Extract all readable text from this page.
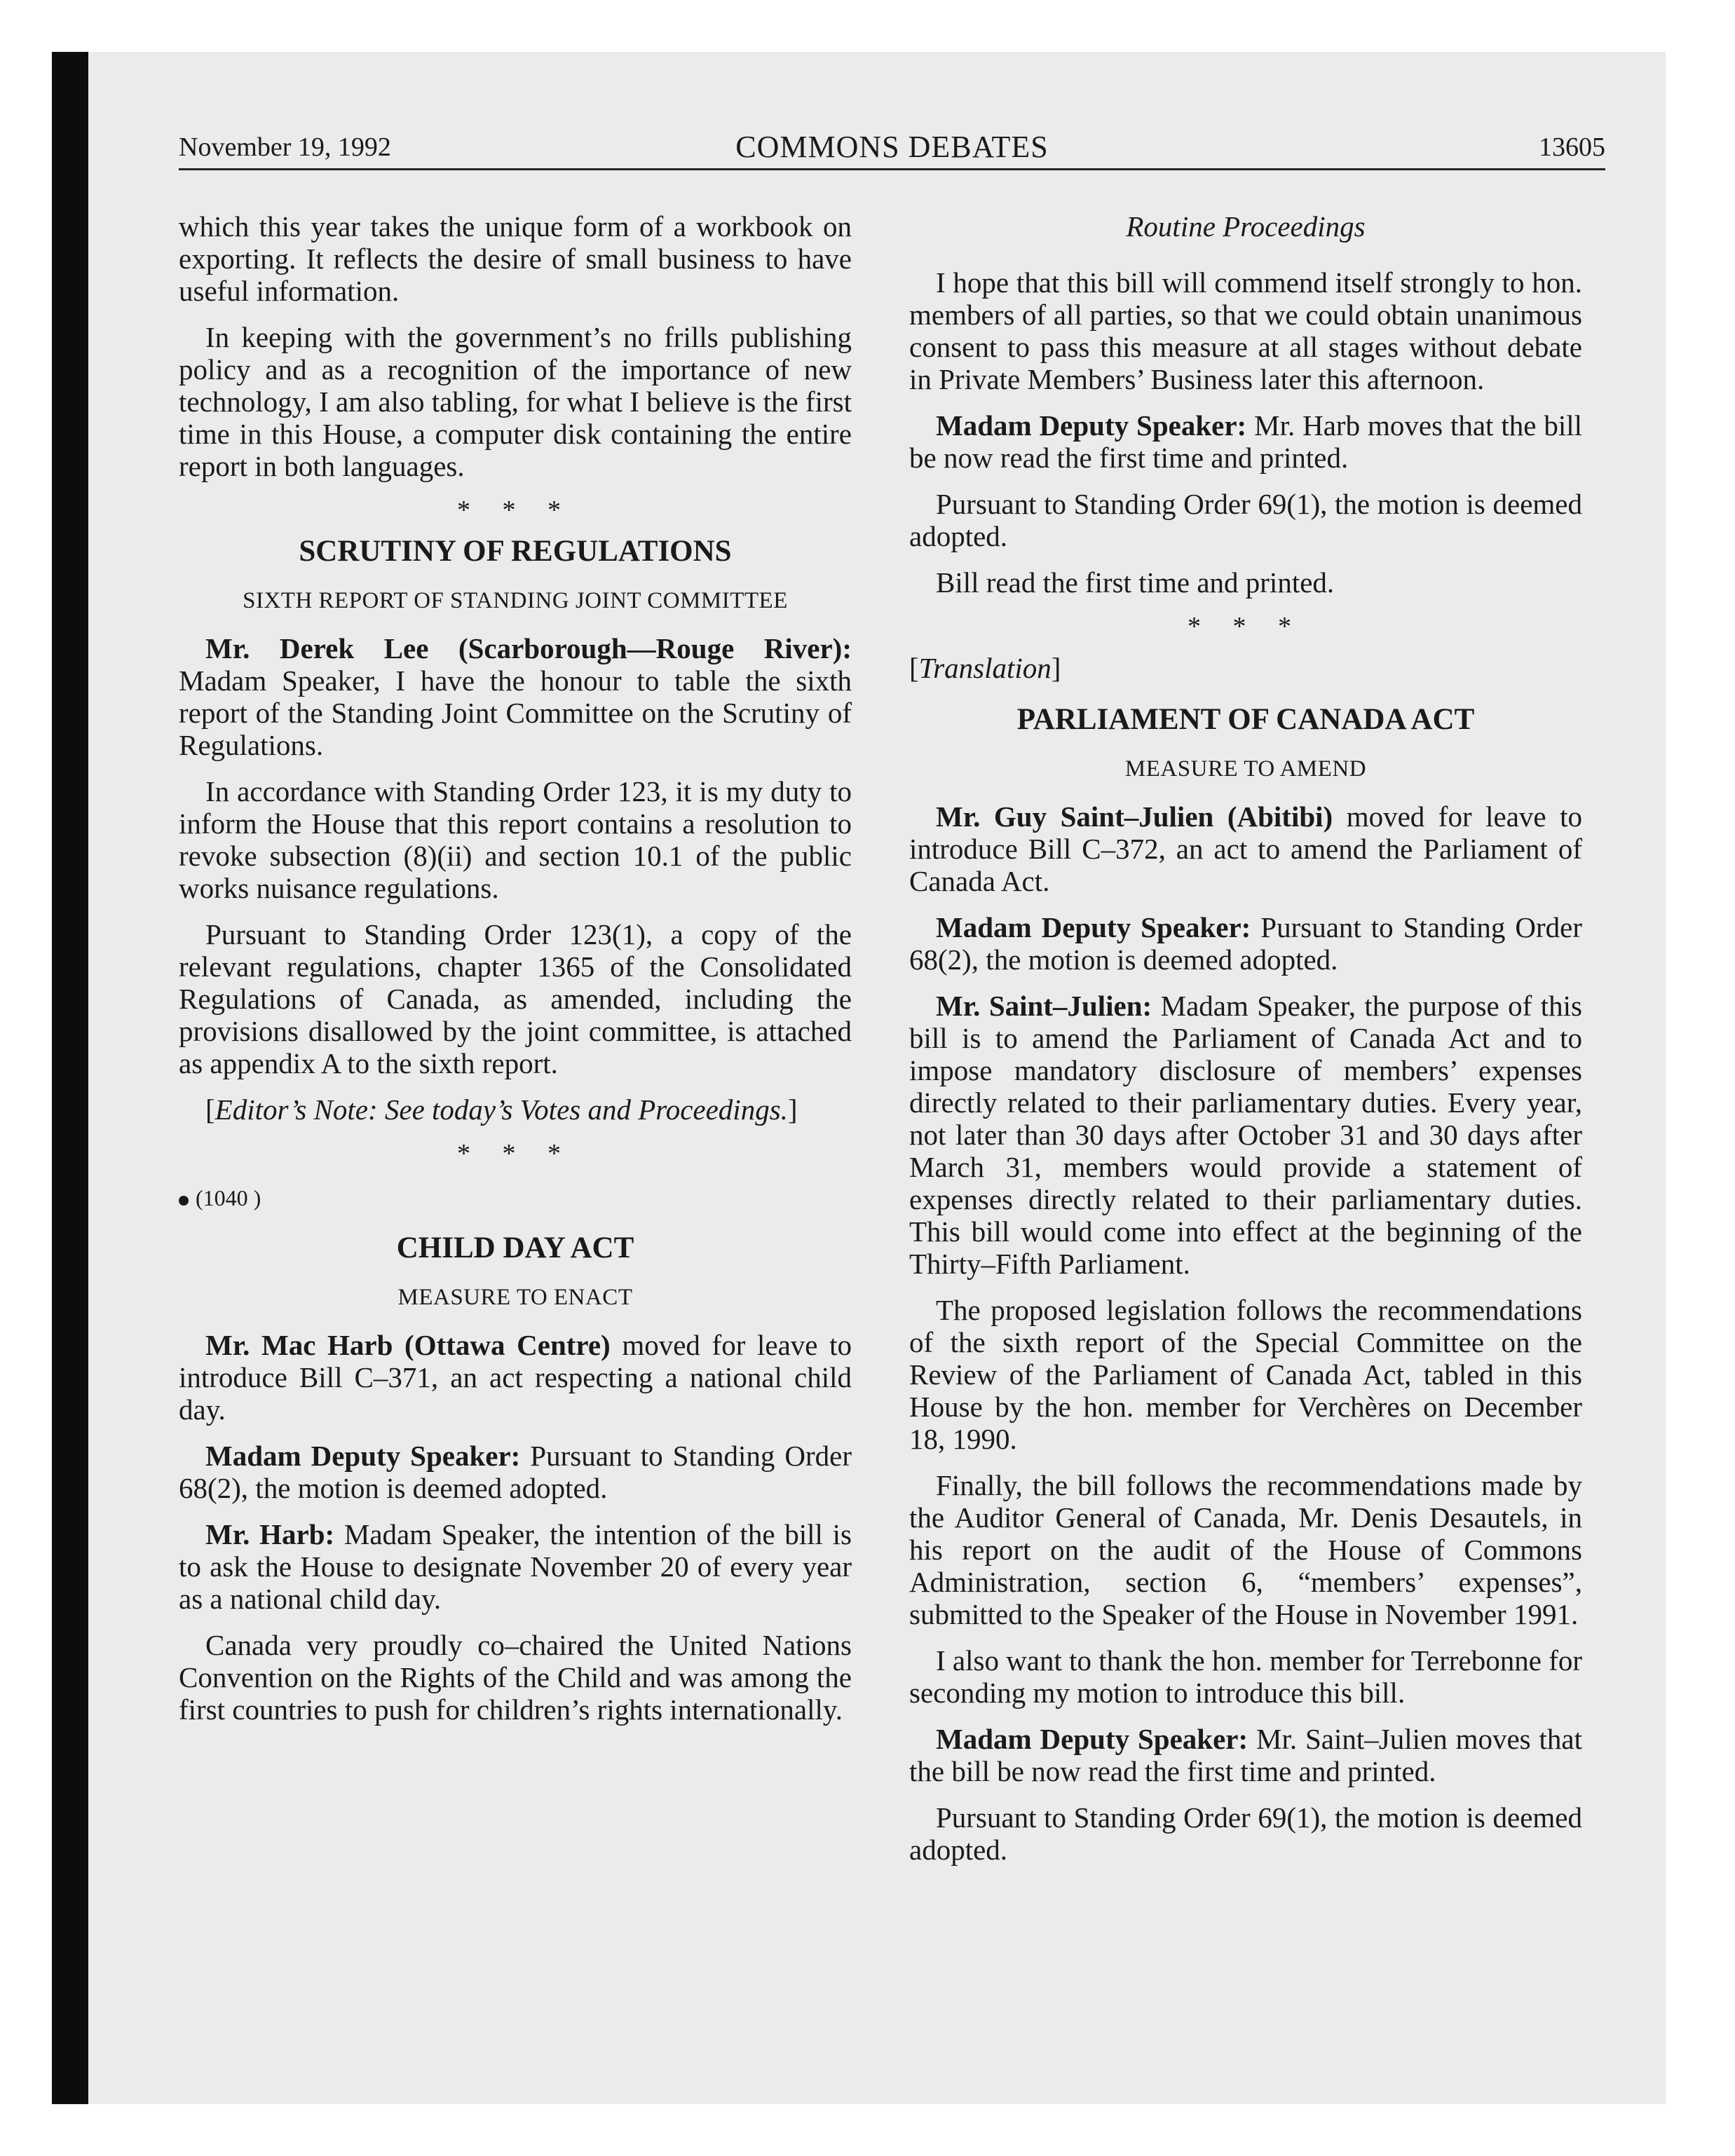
November 19, 1992	COMMONS DEBATES	13605

which this year takes the unique form of a workbook on exporting. It reflects the desire of small business to have useful information.

In keeping with the government’s no frills publishing policy and as a recognition of the importance of new technology, I am also tabling, for what I believe is the first time in this House, a computer disk containing the entire report in both languages.

* * *
SCRUTINY OF REGULATIONS
SIXTH REPORT OF STANDING JOINT COMMITTEE

Mr. Derek Lee (Scarborough—Rouge River): Madam Speaker, I have the honour to table the sixth report of the Standing Joint Committee on the Scrutiny of Regulations.

In accordance with Standing Order 123, it is my duty to inform the House that this report contains a resolution to revoke subsection (8)(ii) and section 10.1 of the public works nuisance regulations.

Pursuant to Standing Order 123(1), a copy of the relevant regulations, chapter 1365 of the Consolidated Regulations of Canada, as amended, including the provisions disallowed by the joint committee, is attached as appendix A to the sixth report.

[Editor’s Note: See today’s Votes and Proceedings.]

* * *
(1040 )
CHILD DAY ACT
MEASURE TO ENACT

Mr. Mac Harb (Ottawa Centre) moved for leave to introduce Bill C–371, an act respecting a national child day.

Madam Deputy Speaker: Pursuant to Standing Order 68(2), the motion is deemed adopted.

Mr. Harb: Madam Speaker, the intention of the bill is to ask the House to designate November 20 of every year as a national child day.

Canada very proudly co–chaired the United Nations Convention on the Rights of the Child and was among the first countries to push for children’s rights internationally.

Routine Proceedings

I hope that this bill will commend itself strongly to hon. members of all parties, so that we could obtain unanimous consent to pass this measure at all stages without debate in Private Members’ Business later this afternoon.

Madam Deputy Speaker: Mr. Harb moves that the bill be now read the first time and printed.

Pursuant to Standing Order 69(1), the motion is deemed adopted.

Bill read the first time and printed.

* * *
[Translation]
PARLIAMENT OF CANADA ACT
MEASURE TO AMEND

Mr. Guy Saint–Julien (Abitibi) moved for leave to introduce Bill C–372, an act to amend the Parliament of Canada Act.

Madam Deputy Speaker: Pursuant to Standing Order 68(2), the motion is deemed adopted.

Mr. Saint–Julien: Madam Speaker, the purpose of this bill is to amend the Parliament of Canada Act and to impose mandatory disclosure of members’ expenses directly related to their parliamentary duties. Every year, not later than 30 days after October 31 and 30 days after March 31, members would provide a statement of expenses directly related to their parliamentary duties. This bill would come into effect at the beginning of the Thirty–Fifth Parliament.

The proposed legislation follows the recommendations of the sixth report of the Special Committee on the Review of the Parliament of Canada Act, tabled in this House by the hon. member for Verchères on December 18, 1990.

Finally, the bill follows the recommendations made by the Auditor General of Canada, Mr. Denis Desautels, in his report on the audit of the House of Commons Administration, section 6, “members’ expenses”, submitted to the Speaker of the House in November 1991.

I also want to thank the hon. member for Terrebonne for seconding my motion to introduce this bill.

Madam Deputy Speaker: Mr. Saint–Julien moves that the bill be now read the first time and printed.

Pursuant to Standing Order 69(1), the motion is deemed adopted.
